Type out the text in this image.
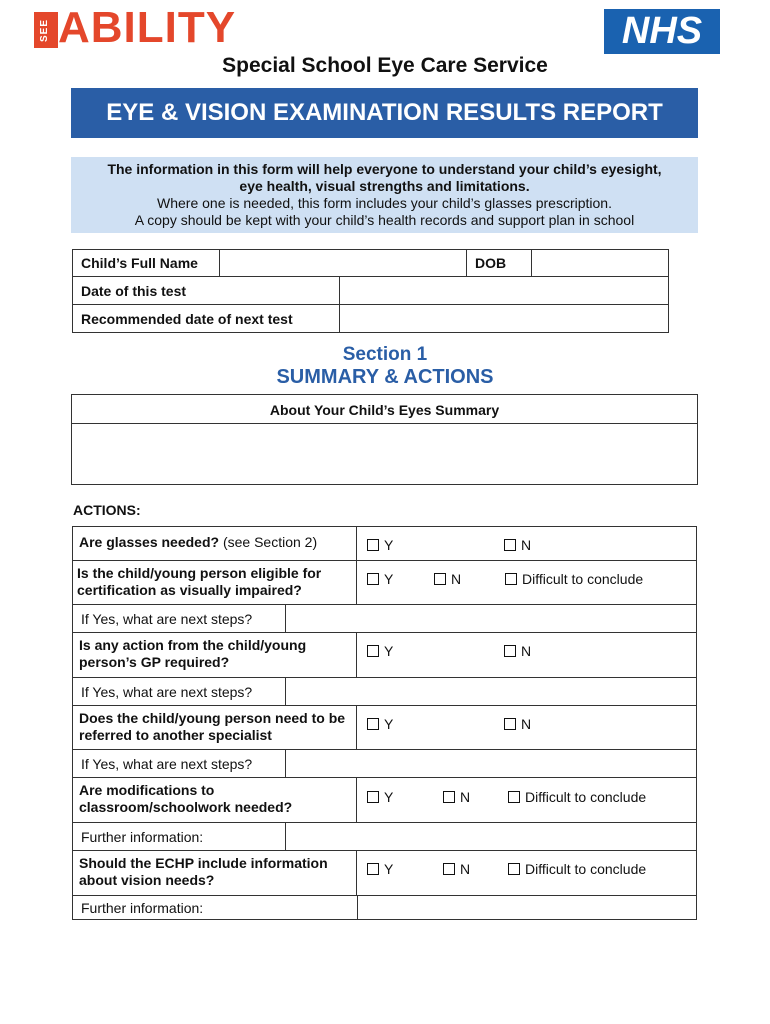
SEE ABILITY	NHS
Special School Eye Care Service
EYE & VISION EXAMINATION RESULTS REPORT
The information in this form will help everyone to understand your child’s eyesight,
eye health, visual strengths and limitations.
Where one is needed, this form includes your child’s glasses prescription.
A copy should be kept with your child’s health records and support plan in school
Child’s Full Name	DOB
Date of this test
Recommended date of next test
Section 1
SUMMARY & ACTIONS
About Your Child’s Eyes Summary
ACTIONS:
Are glasses needed? (see Section 2)	Y	N
Is the child/young person eligible for certification as visually impaired?
Y	N	Difficult to conclude
If Yes, what are next steps?
Is any action from the child/young person’s GP required?
Y	N
If Yes, what are next steps?
Does the child/young person need to be referred to another specialist
Y	N
If Yes, what are next steps?
Are modifications to classroom/schoolwork needed?
Y	N	Difficult to conclude
Further information:
Should the ECHP include information about vision needs?
Y	N	Difficult to conclude
Further information:
